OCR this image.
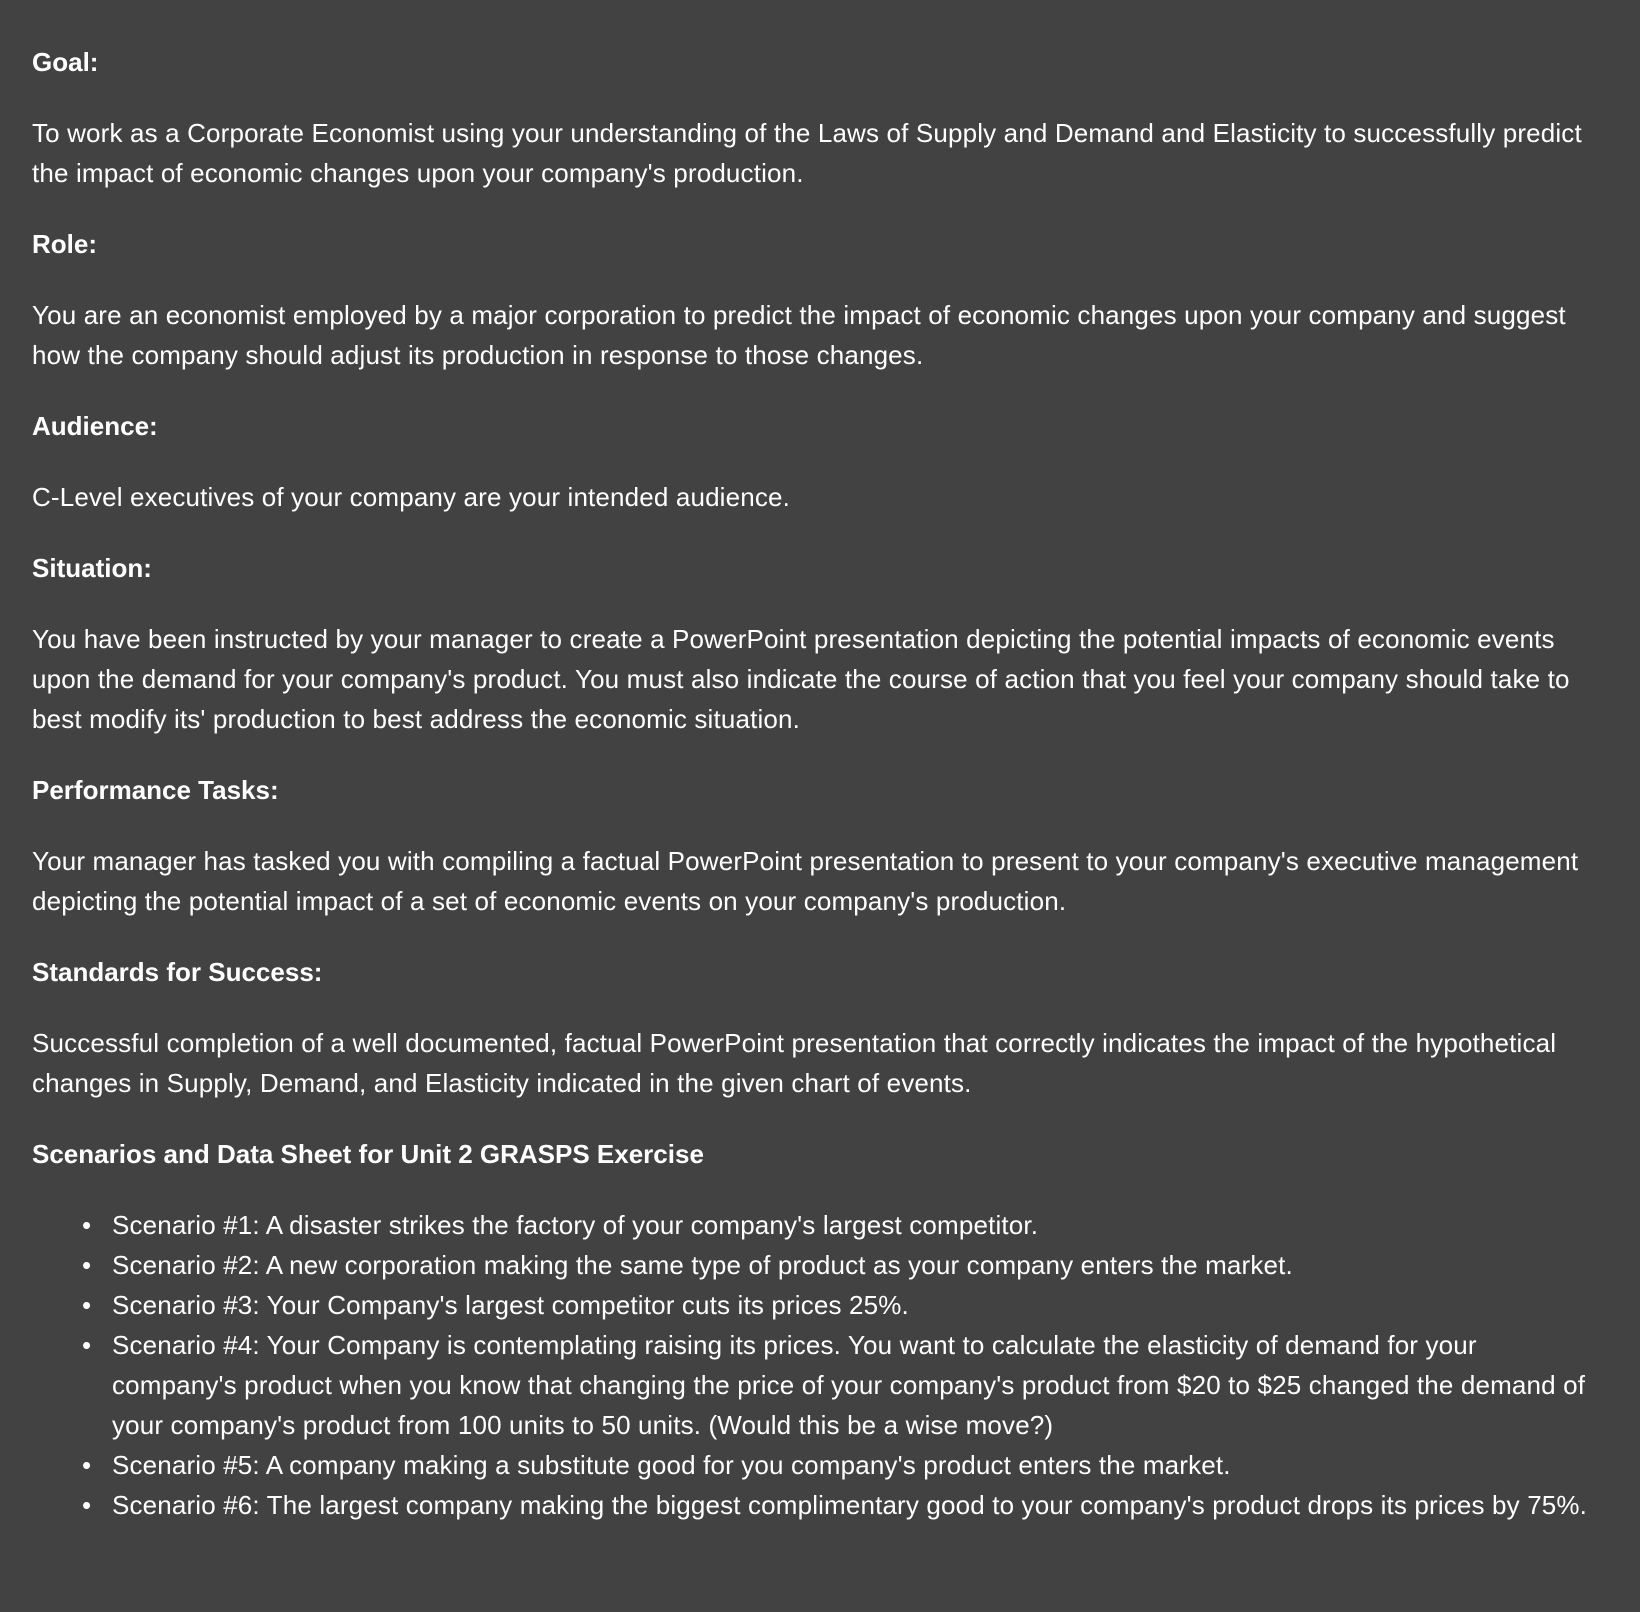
Goal:
To work as a Corporate Economist using your understanding of the Laws of Supply and Demand and Elasticity to successfully predict the impact of economic changes upon your company's production.
Role:
You are an economist employed by a major corporation to predict the impact of economic changes upon your company and suggest how the company should adjust its production in response to those changes.
Audience:
C-Level executives of your company are your intended audience.
Situation:
You have been instructed by your manager to create a PowerPoint presentation depicting the potential impacts of economic events upon the demand for your company's product. You must also indicate the course of action that you feel your company should take to best modify its' production to best address the economic situation.
Performance Tasks:
Your manager has tasked you with compiling a factual PowerPoint presentation to present to your company's executive management depicting the potential impact of a set of economic events on your company's production.
Standards for Success:
Successful completion of a well documented, factual PowerPoint presentation that correctly indicates the impact of the hypothetical changes in Supply, Demand, and Elasticity indicated in the given chart of events.
Scenarios and Data Sheet for Unit 2 GRASPS Exercise
• Scenario #1: A disaster strikes the factory of your company's largest competitor.
• Scenario #2: A new corporation making the same type of product as your company enters the market.
• Scenario #3: Your Company's largest competitor cuts its prices 25%.
• Scenario #4: Your Company is contemplating raising its prices. You want to calculate the elasticity of demand for your company's product when you know that changing the price of your company's product from $20 to $25 changed the demand of your company's product from 100 units to 50 units. (Would this be a wise move?)
• Scenario #5: A company making a substitute good for you company's product enters the market.
• Scenario #6: The largest company making the biggest complimentary good to your company's product drops its prices by 75%.
